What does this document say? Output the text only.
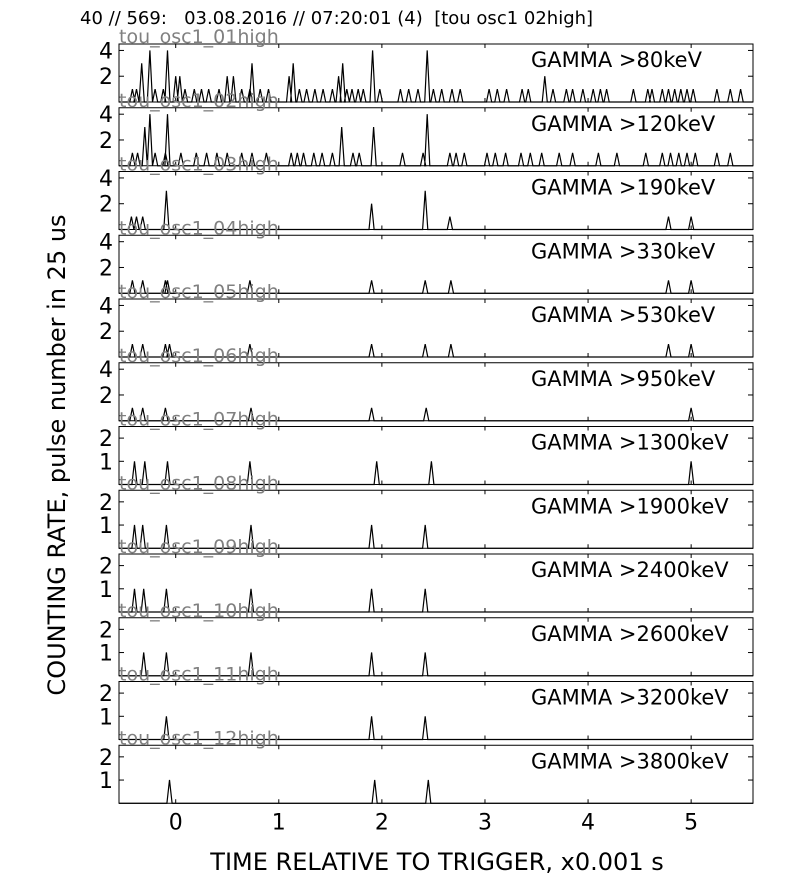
40 // 569:   03.08.2016 // 07:20:01 (4)  [tou osc1 02high]
2
4	GAMMA >80keV
tou_osc1_01high
2
4	GAMMA >120keV
tou_osc1_02high
2
4	GAMMA >190keV
tou_osc1_03high
2
4	GAMMA >330keV
tou_osc1_04high
2
4	GAMMA >530keV
tou_osc1_05high
2
4	GAMMA >950keV
tou_osc1_06high
1
2	GAMMA >1300keV
tou_osc1_07high
1
2	GAMMA >1900keV
tou_osc1_08high
1
2	GAMMA >2400keV
tou_osc1_09high
1
2	GAMMA >2600keV
tou_osc1_10high
1
2	GAMMA >3200keV
tou_osc1_11high
1
2	GAMMA >3800keV
tou_osc1_12high
0	1	2	3	4	5
COUNTING RATE, pulse number in 25 us
TIME RELATIVE TO TRIGGER, x0.001 s
